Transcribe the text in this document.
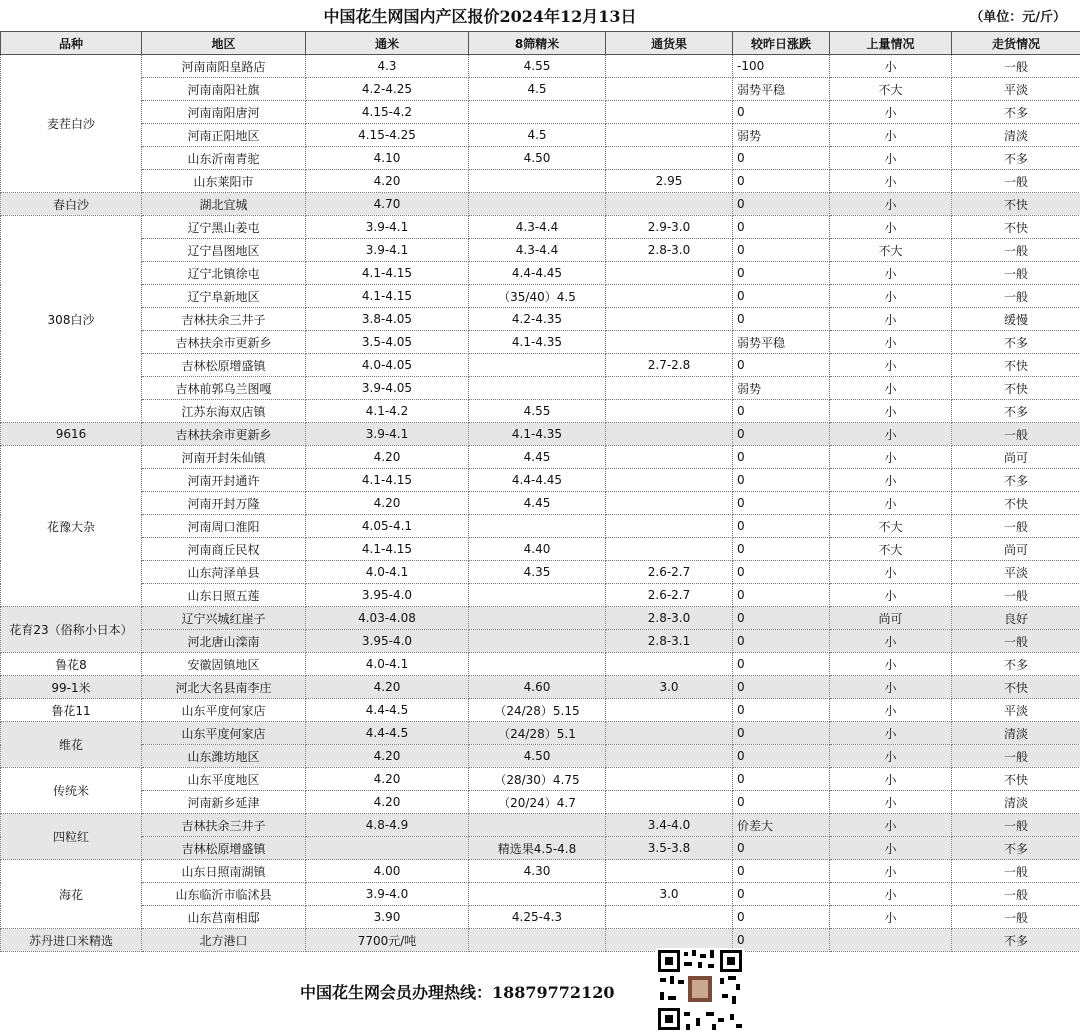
中国花生网国内产区报价2024年12月13日	（单位：元/斤）
品种	地区	通米	8筛精米	通货果	较昨日涨跌	上量情况	走货情况
麦茬白沙	河南南阳皇路店	4.3	4.55		-100	小	一般
	河南南阳社旗	4.2-4.25	4.5		弱势平稳	不大	平淡
	河南南阳唐河	4.15-4.2			0	小	不多
	河南正阳地区	4.15-4.25	4.5		弱势	小	清淡
	山东沂南青驼	4.10	4.50		0	小	不多
	山东莱阳市	4.20		2.95	0	小	一般
春白沙	湖北宜城	4.70			0	小	不快
308白沙	辽宁黑山姜屯	3.9-4.1	4.3-4.4	2.9-3.0	0	小	不快
	辽宁昌图地区	3.9-4.1	4.3-4.4	2.8-3.0	0	不大	一般
	辽宁北镇徐屯	4.1-4.15	4.4-4.45		0	小	一般
	辽宁阜新地区	4.1-4.15	（35/40）4.5		0	小	一般
	吉林扶余三井子	3.8-4.05	4.2-4.35		0	小	缓慢
	吉林扶余市更新乡	3.5-4.05	4.1-4.35		弱势平稳	小	不多
	吉林松原增盛镇	4.0-4.05		2.7-2.8	0	小	不快
	吉林前郭乌兰图嘎	3.9-4.05			弱势	小	不快
	江苏东海双店镇	4.1-4.2	4.55		0	小	不多
9616	吉林扶余市更新乡	3.9-4.1	4.1-4.35		0	小	一般
花豫大杂	河南开封朱仙镇	4.20	4.45		0	小	尚可
	河南开封通许	4.1-4.15	4.4-4.45		0	小	不多
	河南开封万隆	4.20	4.45		0	小	不快
	河南周口淮阳	4.05-4.1			0	不大	一般
	河南商丘民权	4.1-4.15	4.40		0	不大	尚可
	山东菏泽单县	4.0-4.1	4.35	2.6-2.7	0	小	平淡
	山东日照五莲	3.95-4.0		2.6-2.7	0	小	一般
花育23（俗称小日本）	辽宁兴城红崖子	4.03-4.08		2.8-3.0	0	尚可	良好
	河北唐山滦南	3.95-4.0		2.8-3.1	0	小	一般
鲁花8	安徽固镇地区	4.0-4.1			0	小	不多
99-1米	河北大名县南李庄	4.20	4.60	3.0	0	小	不快
鲁花11	山东平度何家店	4.4-4.5	（24/28）5.15		0	小	平淡
维花	山东平度何家店	4.4-4.5	（24/28）5.1		0	小	清淡
	山东潍坊地区	4.20	4.50		0	小	一般
传统米	山东平度地区	4.20	（28/30）4.75		0	小	不快
	河南新乡延津	4.20	（20/24）4.7		0	小	清淡
四粒红	吉林扶余三井子	4.8-4.9		3.4-4.0	价差大	小	一般
	吉林松原增盛镇		精选果4.5-4.8	3.5-3.8	0	小	不多
海花	山东日照南湖镇	4.00	4.30		0	小	一般
	山东临沂市临沭县	3.9-4.0		3.0	0	小	一般
	山东莒南相邸	3.90	4.25-4.3		0	小	一般
苏丹进口米精选	北方港口	7700元/吨			0		不多
中国花生网会员办理热线：18879772120
